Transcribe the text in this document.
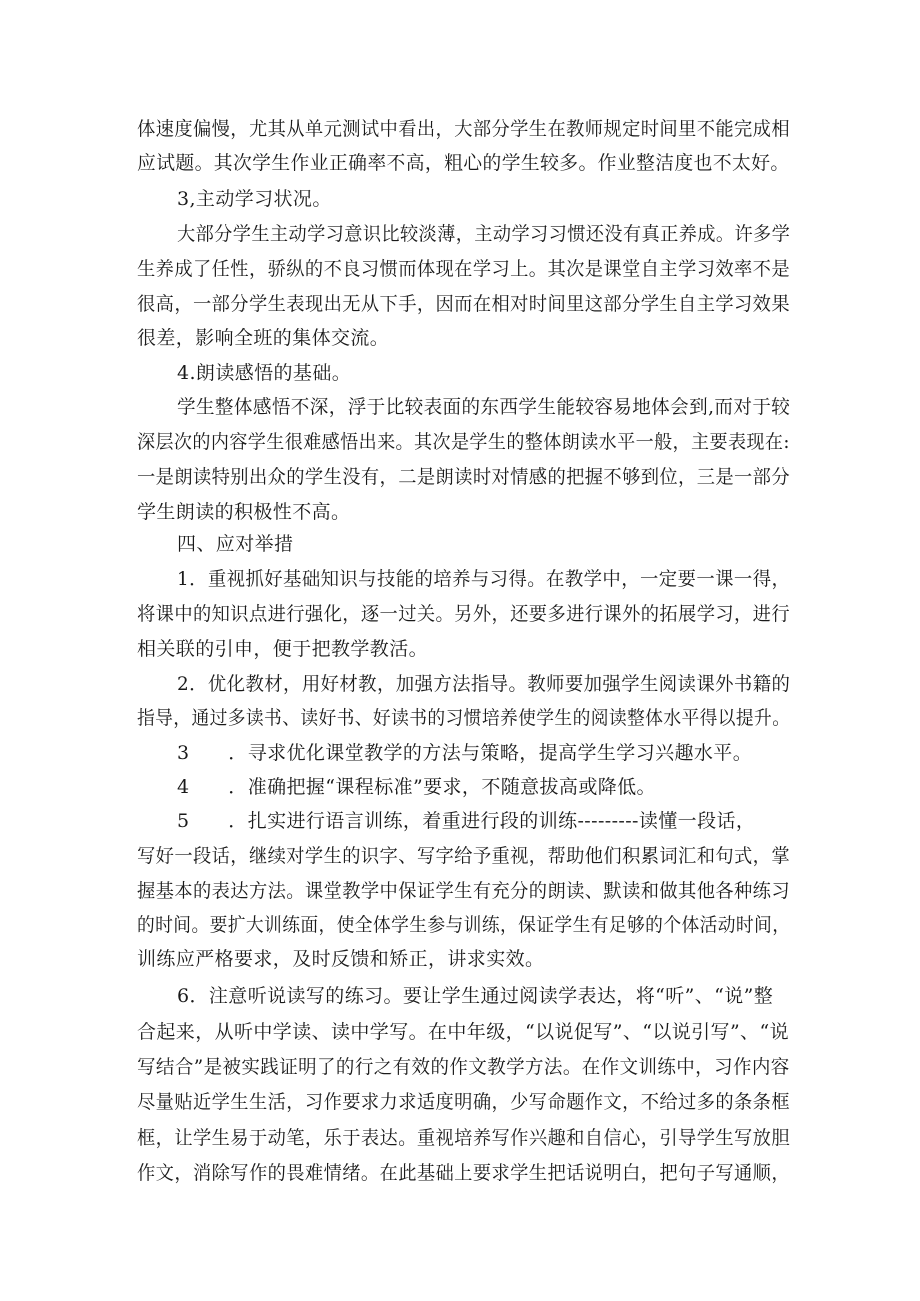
体速度偏慢，尤其从单元测试中看出，大部分学生在教师规定时间里不能完成相
应试题。其次学生作业正确率不高，粗心的学生较多。作业整洁度也不太好。
3,主动学习状况。
大部分学生主动学习意识比较淡薄，主动学习习惯还没有真正养成。许多学
生养成了任性，骄纵的不良习惯而体现在学习上。其次是课堂自主学习效率不是
很高，一部分学生表现出无从下手，因而在相对时间里这部分学生自主学习效果
很差，影响全班的集体交流。
4.朗读感悟的基础。
学生整体感悟不深，浮于比较表面的东西学生能较容易地体会到,而对于较
深层次的内容学生很难感悟出来。其次是学生的整体朗读水平一般，主要表现在:
一是朗读特别出众的学生没有，二是朗读时对情感的把握不够到位，三是一部分
学生朗读的积极性不高。
四、应对举措
1．重视抓好基础知识与技能的培养与习得。在教学中，一定要一课一得，
将课中的知识点进行强化，逐一过关。另外，还要多进行课外的拓展学习，进行
相关联的引申，便于把教学教活。
2．优化教材，用好材教，加强方法指导。教师要加强学生阅读课外书籍的
指导，通过多读书、读好书、好读书的习惯培养使学生的阅读整体水平得以提升。
3　　．寻求优化课堂教学的方法与策略，提高学生学习兴趣水平。
4　　．准确把握“课程标准”要求，不随意拔高或降低。
5　　．扎实进行语言训练，着重进行段的训练---------读懂一段话，
写好一段话，继续对学生的识字、写字给予重视，帮助他们积累词汇和句式，掌
握基本的表达方法。课堂教学中保证学生有充分的朗读、默读和做其他各种练习
的时间。要扩大训练面，使全体学生参与训练，保证学生有足够的个体活动时间，
训练应严格要求，及时反馈和矫正，讲求实效。
6．注意听说读写的练习。要让学生通过阅读学表达，将“听”、“说”整
合起来，从听中学读、读中学写。在中年级，“以说促写”、“以说引写”、“说
写结合”是被实践证明了的行之有效的作文教学方法。在作文训练中，习作内容
尽量贴近学生生活，习作要求力求适度明确，少写命题作文，不给过多的条条框
框，让学生易于动笔，乐于表达。重视培养写作兴趣和自信心，引导学生写放胆
作文，消除写作的畏难情绪。在此基础上要求学生把话说明白，把句子写通顺，
